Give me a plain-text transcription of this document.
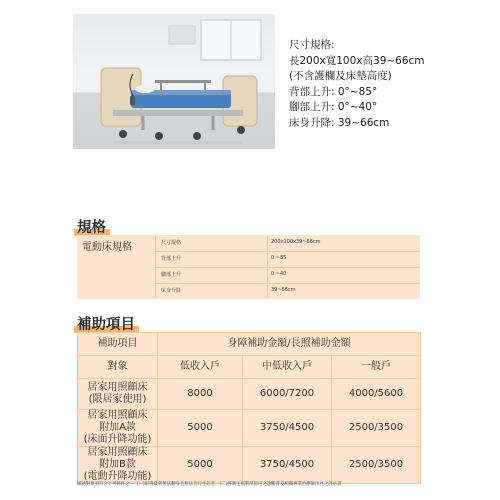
尺寸規格:
長200x寬100x高39~66cm
(不含護欄及床墊高度)
背部上升: 0°~85°
腳部上升: 0°~40°
床身升降: 39~66cm
規格
電動床規格	尺寸規格	200x100x39~66cm
背部上升	0 ~85
腳部上升	0 ~40
床身升降	39~66cm
補助項目
補助項目	身障補助金額/長照補助金額		
對象	低收入戶	中低收入戶	一般戶

居家用照顧床
(限居家使用)	8000	6000/7200	4000/5600

居家用照顧床
附加A款
(床面升降功能)	5000	3750/4500	2500/3500

居家用照顧床
附加B款
(電動升降功能)	5000	3750/4500	2500/3500
補助對象須符合下列條件之一: (一)取得最新無法翻身且無法自行坐起者。(二)經衛生福利部認可之診斷書及相關專業治療師出具之評估書
